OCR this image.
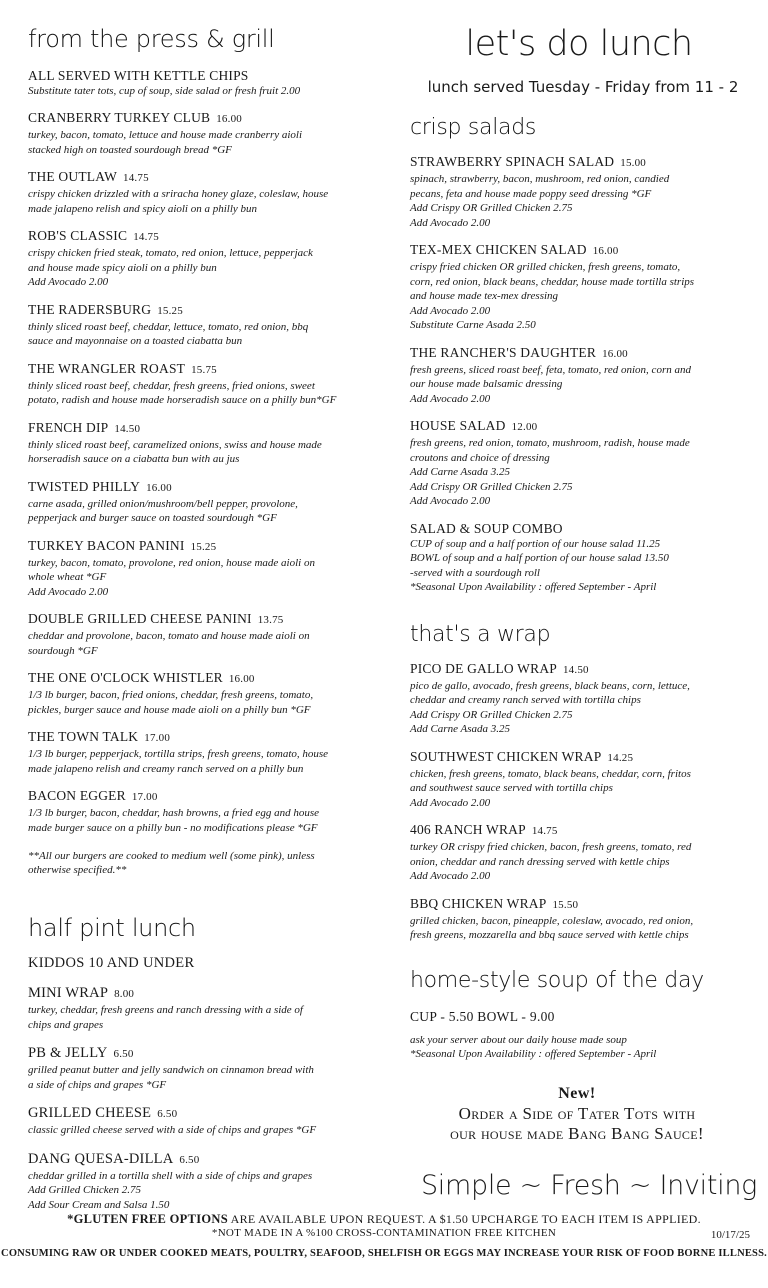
from the press & grill
ALL SERVED WITH KETTLE CHIPS
Substitute tater tots, cup of soup, side salad or fresh fruit 2.00
CRANBERRY TURKEY CLUB 16.00
turkey, bacon, tomato, lettuce and house made cranberry aioli
stacked high on toasted sourdough bread *GF
THE OUTLAW 14.75
crispy chicken drizzled with a sriracha honey glaze, coleslaw, house
made jalapeno relish and spicy aioli on a philly bun
ROB'S CLASSIC 14.75
crispy chicken fried steak, tomato, red onion, lettuce, pepperjack
and house made spicy aioli on a philly bun
Add Avocado 2.00
THE RADERSBURG 15.25
thinly sliced roast beef, cheddar, lettuce, tomato, red onion, bbq
sauce and mayonnaise on a toasted ciabatta bun
THE WRANGLER ROAST 15.75
thinly sliced roast beef, cheddar, fresh greens, fried onions, sweet
potato, radish and house made horseradish sauce on a philly bun*GF
FRENCH DIP 14.50
thinly sliced roast beef, caramelized onions, swiss and house made
horseradish sauce on a ciabatta bun with au jus
TWISTED PHILLY 16.00
carne asada, grilled onion/mushroom/bell pepper, provolone,
pepperjack and burger sauce on toasted sourdough *GF
TURKEY BACON PANINI 15.25
turkey, bacon, tomato, provolone, red onion, house made aioli on
whole wheat *GF
Add Avocado 2.00
DOUBLE GRILLED CHEESE PANINI 13.75
cheddar and provolone, bacon, tomato and house made aioli on
sourdough *GF
THE ONE O'CLOCK WHISTLER 16.00
1/3 lb burger, bacon, fried onions, cheddar, fresh greens, tomato,
pickles, burger sauce and house made aioli on a philly bun *GF
THE TOWN TALK 17.00
1/3 lb burger, pepperjack, tortilla strips, fresh greens, tomato, house
made jalapeno relish and creamy ranch served on a philly bun
BACON EGGER 17.00
1/3 lb burger, bacon, cheddar, hash browns, a fried egg and house
made burger sauce on a philly bun - no modifications please *GF
**All our burgers are cooked to medium well (some pink), unless
otherwise specified.**
half pint lunch
KIDDOS 10 AND UNDER
MINI WRAP 8.00
turkey, cheddar, fresh greens and ranch dressing with a side of
chips and grapes
PB & JELLY 6.50
grilled peanut butter and jelly sandwich on cinnamon bread with
a side of chips and grapes *GF
GRILLED CHEESE 6.50
classic grilled cheese served with a side of chips and grapes *GF
DANG QUESA-DILLA 6.50
cheddar grilled in a tortilla shell with a side of chips and grapes
Add Grilled Chicken 2.75
Add Sour Cream and Salsa 1.50
let's do lunch
lunch served Tuesday - Friday from 11 - 2
crisp salads
STRAWBERRY SPINACH SALAD 15.00
spinach, strawberry, bacon, mushroom, red onion, candied
pecans, feta and house made poppy seed dressing *GF
Add Crispy OR Grilled Chicken 2.75
Add Avocado 2.00
TEX-MEX CHICKEN SALAD 16.00
crispy fried chicken OR grilled chicken, fresh greens, tomato,
corn, red onion, black beans, cheddar, house made tortilla strips
and house made tex-mex dressing
Add Avocado 2.00
Substitute Carne Asada 2.50
THE RANCHER'S DAUGHTER 16.00
fresh greens, sliced roast beef, feta, tomato, red onion, corn and
our house made balsamic dressing
Add Avocado 2.00
HOUSE SALAD 12.00
fresh greens, red onion, tomato, mushroom, radish, house made
croutons and choice of dressing
Add Carne Asada 3.25
Add Crispy OR Grilled Chicken 2.75
Add Avocado 2.00
SALAD & SOUP COMBO
CUP of soup and a half portion of our house salad 11.25
BOWL of soup and a half portion of our house salad 13.50
-served with a sourdough roll
*Seasonal Upon Availability : offered September - April
that's a wrap
PICO DE GALLO WRAP 14.50
pico de gallo, avocado, fresh greens, black beans, corn, lettuce,
cheddar and creamy ranch served with tortilla chips
Add Crispy OR Grilled Chicken 2.75
Add Carne Asada 3.25
SOUTHWEST CHICKEN WRAP 14.25
chicken, fresh greens, tomato, black beans, cheddar, corn, fritos
and southwest sauce served with tortilla chips
Add Avocado 2.00
406 RANCH WRAP 14.75
turkey OR crispy fried chicken, bacon, fresh greens, tomato, red
onion, cheddar and ranch dressing served with kettle chips
Add Avocado 2.00
BBQ CHICKEN WRAP 15.50
grilled chicken, bacon, pineapple, coleslaw, avocado, red onion,
fresh greens, mozzarella and bbq sauce served with kettle chips
home-style soup of the day
CUP - 5.50 BOWL - 9.00
ask your server about our daily house made soup
*Seasonal Upon Availability : offered September - April
New!
Order a Side of Tater Tots with
our house made Bang Bang Sauce!
Simple ~ Fresh ~ Inviting
*GLUTEN FREE OPTIONS ARE AVAILABLE UPON REQUEST. A $1.50 UPCHARGE TO EACH ITEM IS APPLIED.
*NOT MADE IN A %100 CROSS-CONTAMINATION FREE KITCHEN	10/17/25
CONSUMING RAW OR UNDER COOKED MEATS, POULTRY, SEAFOOD, SHELFISH OR EGGS MAY INCREASE YOUR RISK OF FOOD BORNE ILLNESS.
